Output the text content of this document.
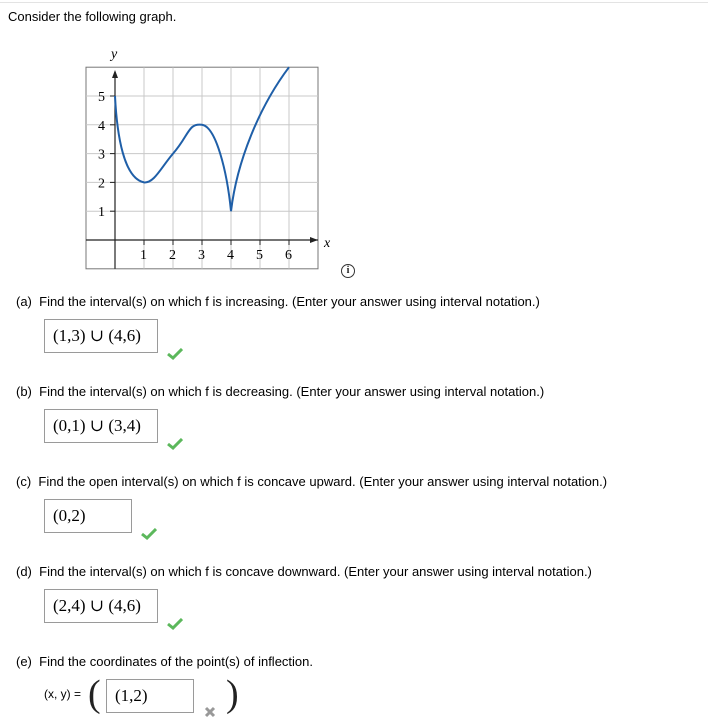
Consider the following graph.
y
x
1 2 3 4 5 6
1
2
3
4
5
i
(a) Find the interval(s) on which f is increasing. (Enter your answer using interval notation.)
(1,3) ∪ (4,6)
(b) Find the interval(s) on which f is decreasing. (Enter your answer using interval notation.)
(0,1) ∪ (3,4)
(c) Find the open interval(s) on which f is concave upward. (Enter your answer using interval notation.)
(0,2)
(d) Find the interval(s) on which f is concave downward. (Enter your answer using interval notation.)
(2,4) ∪ (4,6)
(e) Find the coordinates of the point(s) of inflection.
(x, y) = ( (1,2)	)
